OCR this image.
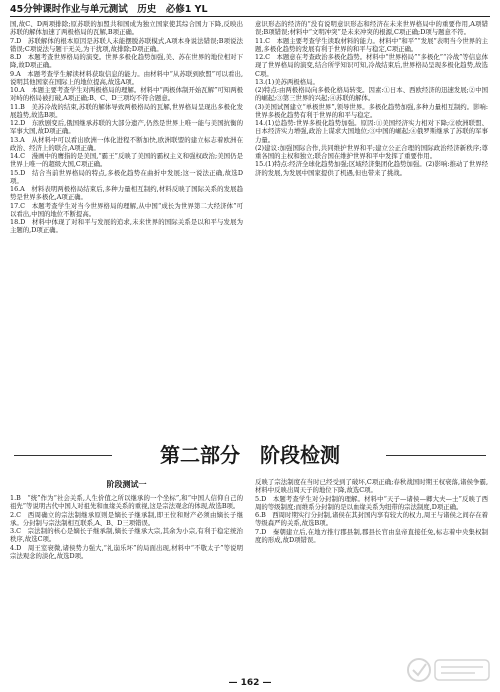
45分钟课时作业与单元测试　历史　必修1 YL

国,故C、D两项排除;原苏联的加盟共和国成为独立国家使其综合国力下降,反映出苏联的解体加速了两极格局的瓦解,B项正确。

7.D　苏联解体的根本原因是苏联人未能摆脱苏联模式,A项本身说法错误;B项说法错误;C项说法与题干无关,为干扰项,故排除;D项正确。

8.D　本题考查世界格局的演变。世界多极化趋势加强,美、苏在世界的地位相对下降,故D项正确。

9.A　本题考查学生解读材料获取信息的能力。由材料中“从苏联到欧盟”可以看出,说明其他国家在国际上的地位提高,故选A项。

10.A　本题主要考查学生对两极格局的理解。材料中“两极体制开始瓦解”可知两极对峙的格局被打破,A项正确;B、C、D三项均不符合题意。

11.B　美苏冷战的结束,苏联的解体导致两极格局的瓦解,世界格局呈现出多极化发展趋势,故选B项。

12.D　东欧剧变后,俄国继承苏联的大部分遗产,仍然是世界上唯一能与美国抗衡的军事大国,故D项正确。

13.A　从材料中可以看出欧洲一体化进程不断加快,欧洲联盟的建立标志着欧洲在政治、经济上的联合,A项正确。

14.C　漫画中的鹰指的是美国,“霸王”反映了美国的霸权主义和强权政治;美国仍是世界上唯一的超级大国,C项正确。

15.D　结合当前世界格局的特点,多极化趋势在曲折中发展;这一说法正确,故选D项。

16.A　材料表明两极格局结束后,多种力量相互制约,材料反映了国际关系的发展趋势是世界多极化,A项正确。

17.C　本题考查学生对当今世界格局的理解,从中国“成长为世界第二大经济体”可以看出,中国的地位不断提高。

18.D　材料中体现了对和平与发展的追求,未来世界的国际关系是以和平与发展为主题的,D项正确。

意识形态的经济的“没有说明意识形态和经济在未来世界格局中的重要作用,A项错误;B项错误;材料中“文明冲突”是未来冲突的根源,C项正确;D项与题意不符。

11.C　本题主要考查学生读取材料的能力。材料中“和平”“发展”表明当今世界的主题,多极化趋势的发展有利于世界的和平与稳定,C项正确。

12.C　本题意在考查政治多极化趋势。材料中“世界格局”“多极化”“冷战”等信息体现了世界格局的演变,结合所学知识可知,冷战结束后,世界格局呈现多极化趋势,故选C项。

13.(1)美苏两极格局。

(2)特点:由两极格局向多极化格局转变。因素:①日本、西欧经济的迅速发展;②中国的崛起;③第三世界的兴起;④苏联的解体。

(3)美国试图建立“单极世界”,领导世界。多极化趋势加强,多种力量相互制约。影响:世界多极化趋势有利于世界的和平与稳定。

14.(1)总趋势:世界多极化趋势加强。原因:①美国经济实力相对下降;②欧洲联盟、日本经济实力增强,政治上谋求大国地位;③中国的崛起;④俄罗斯继承了苏联的军事力量。

(2)建议:加强国际合作,共同维护世界和平;建立公正合理的国际政治经济新秩序;尊重各国的主权和独立;联合国在维护世界和平中发挥了重要作用。

15.(1)特点:经济全球化趋势加强;区域经济集团化趋势加强。(2)影响:推动了世界经济的发展,为发展中国家提供了机遇,但也带来了挑战。

第二部分 阶段检测
阶段测试一

1.B　“统”作为“社会关系,人生价值之所以继承的一个坐标”,和“中国人信仰自己的祖先”等说明古代中国人对祖先和血缘关系的重视,这是宗法观念的体现,故选B项。

2.C　西周确立的宗法制继承原则是嫡长子继承制,即王位和财产必须由嫡长子继承。分封制与宗法制相互联系,A、B、D三项错误。

3.C　宗法制的核心是嫡长子继承制,嫡长子继承大宗,其余为小宗,有利于稳定统治秩序,故选C项。

4.D　周王室衰微,诸侯势力强大,“礼崩乐坏”的局面出现,材料中“不敬太子”等说明宗法观念的淡化,故选D项。

反映了宗法制度在当时已经受到了破坏,C项正确;春秋战国时期王权衰落,诸侯争霸,材料中反映出周天子的地位下降,故选C项。

5.D　本题考查学生对分封制的理解。材料中“天子—诸侯—卿大夫—士”反映了西周的等级制度;而维系分封制的是以血缘关系为纽带的宗法制度,D项正确。

6.B　西周时期实行分封制,诸侯在其封国内享有较大的权力,周王与诸侯之间存在着等级森严的关系,故选B项。

7.D　秦朝建立后,在地方推行郡县制,郡县长官由皇帝直接任免,标志着中央集权制度的形成,故D项错误。

— 162 —
